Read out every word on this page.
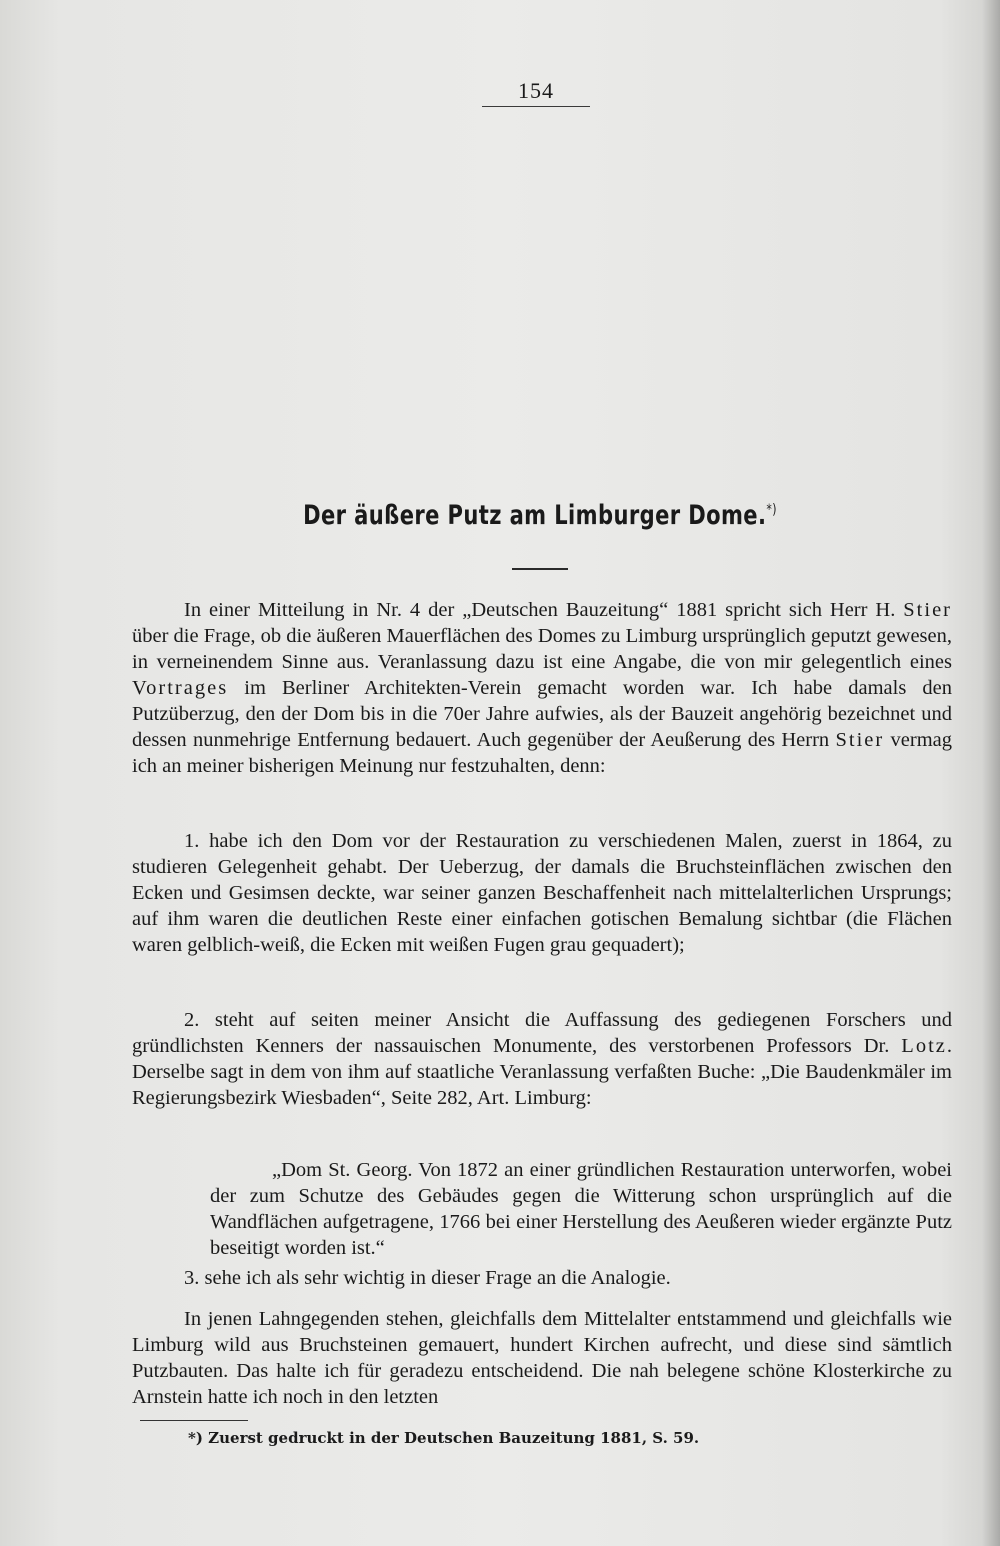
154
Der äußere Putz am Limburger Dome.*)

In einer Mitteilung in Nr. 4 der „Deutschen Bauzeitung“ 1881 spricht sich Herr H. Stier über die Frage, ob die äußeren Mauerflächen des Domes zu Limburg ursprünglich geputzt gewesen, in verneinendem Sinne aus. Veranlassung dazu ist eine Angabe, die von mir gelegentlich eines Vortrages im Berliner Architekten-Verein gemacht worden war. Ich habe damals den Putzüberzug, den der Dom bis in die 70er Jahre aufwies, als der Bauzeit angehörig bezeichnet und dessen nunmehrige Entfernung bedauert. Auch gegenüber der Aeußerung des Herrn Stier vermag ich an meiner bisherigen Meinung nur festzuhalten, denn:

1. habe ich den Dom vor der Restauration zu verschiedenen Malen, zuerst in 1864, zu studieren Gelegenheit gehabt. Der Ueberzug, der damals die Bruchsteinflächen zwischen den Ecken und Gesimsen deckte, war seiner ganzen Beschaffenheit nach mittelalterlichen Ursprungs; auf ihm waren die deutlichen Reste einer einfachen gotischen Bemalung sichtbar (die Flächen waren gelblich-weiß, die Ecken mit weißen Fugen grau gequadert);

2. steht auf seiten meiner Ansicht die Auffassung des gediegenen Forschers und gründlichsten Kenners der nassauischen Monumente, des verstorbenen Professors Dr. Lotz. Derselbe sagt in dem von ihm auf staatliche Veranlassung verfaßten Buche: „Die Baudenkmäler im Regierungsbezirk Wiesbaden“, Seite 282, Art. Limburg:

„Dom St. Georg. Von 1872 an einer gründlichen Restauration unterworfen, wobei der zum Schutze des Gebäudes gegen die Witterung schon ursprünglich auf die Wandflächen aufgetragene, 1766 bei einer Herstellung des Aeußeren wieder ergänzte Putz beseitigt worden ist.“

3. sehe ich als sehr wichtig in dieser Frage an die Analogie.

In jenen Lahngegenden stehen, gleichfalls dem Mittelalter entstammend und gleichfalls wie Limburg wild aus Bruchsteinen gemauert, hundert Kirchen aufrecht, und diese sind sämtlich Putzbauten. Das halte ich für geradezu entscheidend. Die nah belegene schöne Klosterkirche zu Arnstein hatte ich noch in den letzten

*) Zuerst gedruckt in der Deutschen Bauzeitung 1881, S. 59.
